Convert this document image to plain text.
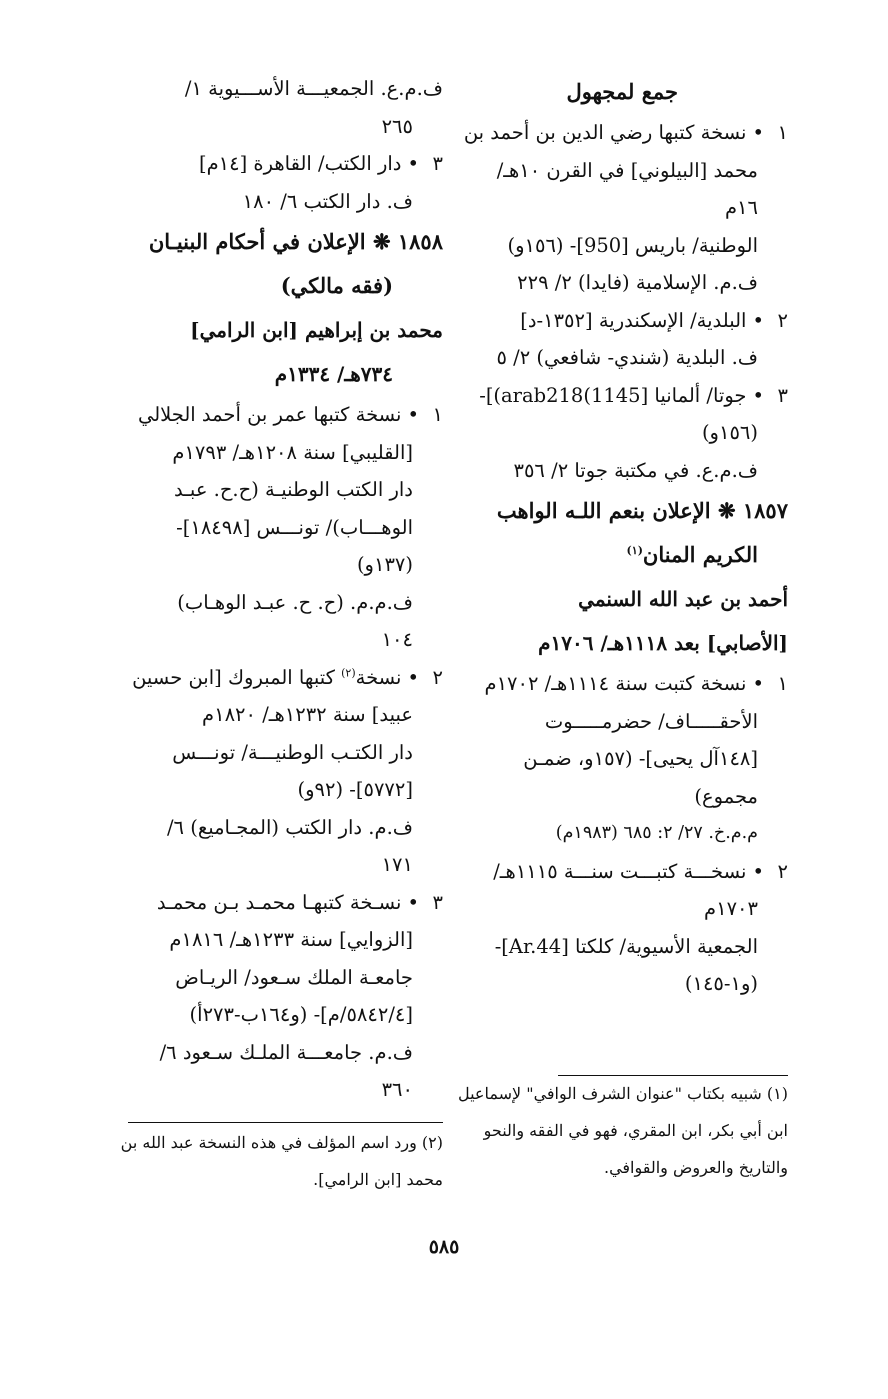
جمع لمجهول
١•نسخة كتبها رضي الدين بن أحمد بن
محمد [البيلوني] في القرن ١٠هـ/
١٦م
الوطنية/ باريس [950]- (١٥٦و)
ف.م. الإسلامية (فايدا) ٢/ ٢٢٩
٢•البلدية/ الإسكندرية [١٣٥٢-د]
ف. البلدية (شندي- شافعي) ٢/ ٥
٣•جوتا/ ألمانيا [1145)arab218)]-
(١٥٦و)
ف.م.ع. في مكتبة جوتا ٢/ ٣٥٦
١٨٥٧ ❋ الإعلان بنعم اللـه الواهب
الكريم المنان$^{(١)}$
أحمد بن عبد الله السنمي
[الأصابي] بعد ١١١٨هـ/ ١٧٠٦م
١•نسخة كتبت سنة ١١١٤هـ/ ١٧٠٢م
الأحقـــــاف/ حضرمـــــوت
[١٤٨آل يحيى]- (١٥٧و، ضمـن
مجموع)
م.م.خ. ٢٧/ ٢: ٦٨٥ (١٩٨٣م)
٢•نسخـــة كتبـــت سنـــة ١١١٥هـ/
١٧٠٣م
الجمعية الأسيوية/ كلكتا [Ar.44]-
(و١-١٤٥)
ف.م.ع. الجمعيـــة الأســـيوية ١/
٢٦٥
٣•دار الكتب/ القاهرة [١٤م]
ف. دار الكتب ٦/ ١٨٠
١٨٥٨ ❋ الإعلان في أحكام البنيـان
(فقه مالكي)
محمد بن إبراهيم [ابن الرامي]
٧٣٤هـ/ ١٣٣٤م
١•نسخة كتبها عمر بن أحمد الجلالي
[القليبي] سنة ١٢٠٨هـ/ ١٧٩٣م
دار الكتب الوطنيـة (ح.ح. عبـد
الوهـــاب)/ تونـــس [١٨٤٩٨]-
(١٣٧و)
ف.م.م. (ح. ح. عبـد الوهـاب)
١٠٤
٢•نسخة$^{(٢)}$ كتبها المبروك [ابن حسين
عبيد] سنة ١٢٣٢هـ/ ١٨٢٠م
دار الكتـب الوطنيـــة/ تونـــس
[٥٧٧٢]- (٩٢و)
ف.م. دار الكتب (المجـاميع) ٦/
١٧١
٣•نسـخة كتبهـا محمـد بـن محمـد
[الزوايي] سنة ١٢٣٣هـ/ ١٨١٦م
جامعـة الملك سـعود/ الريـاض
[٥٨٤٢/٤/م]- (و١٦٤ب-٢٧٣أ)
ف.م. جامعـــة الملـك سـعود ٦/
٣٦٠	(١) شبيه بكتاب "عنوان الشرف الوافي" لإسماعيل
ابن أبي بكر، ابن المقري، فهو في الفقه والنحو
والتاريخ والعروض والقوافي.
(٢) ورد اسم المؤلف في هذه النسخة عبد الله بن
محمد [ابن الرامي].
٥٨٥
